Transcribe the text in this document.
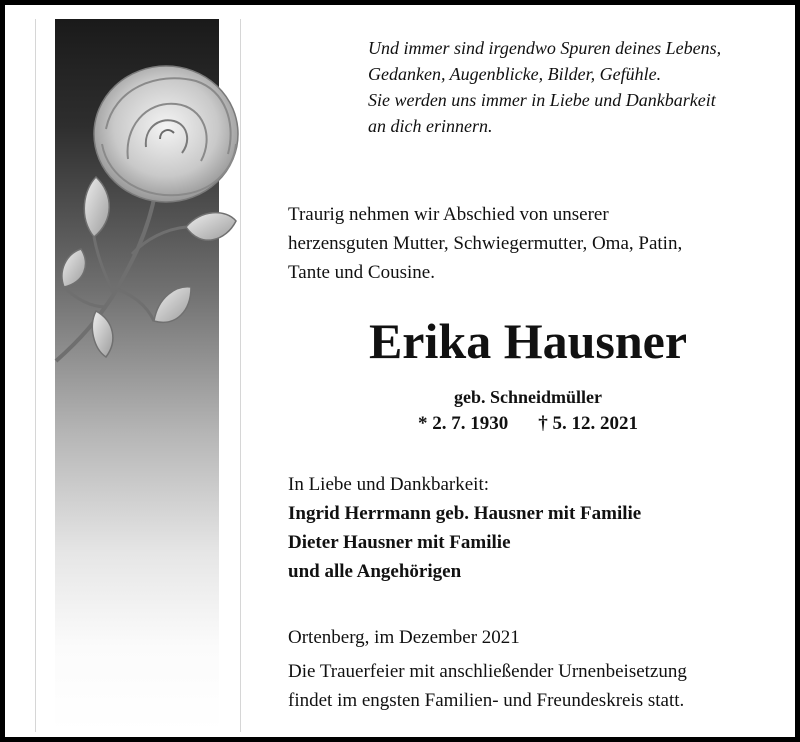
Und immer sind irgendwo Spuren deines Lebens,
Gedanken, Augenblicke, Bilder, Gefühle.
Sie werden uns immer in Liebe und Dankbarkeit
an dich erinnern.
Traurig nehmen wir Abschied von unserer
herzensguten Mutter, Schwiegermutter, Oma, Patin,
Tante und Cousine.
Erika Hausner
geb. Schneidmüller
* 2. 7. 1930 † 5. 12. 2021
In Liebe und Dankbarkeit:
Ingrid Herrmann geb. Hausner mit Familie
Dieter Hausner mit Familie
und alle Angehörigen
Ortenberg, im Dezember 2021
Die Trauerfeier mit anschließender Urnenbeisetzung
findet im engsten Familien- und Freundeskreis statt.
